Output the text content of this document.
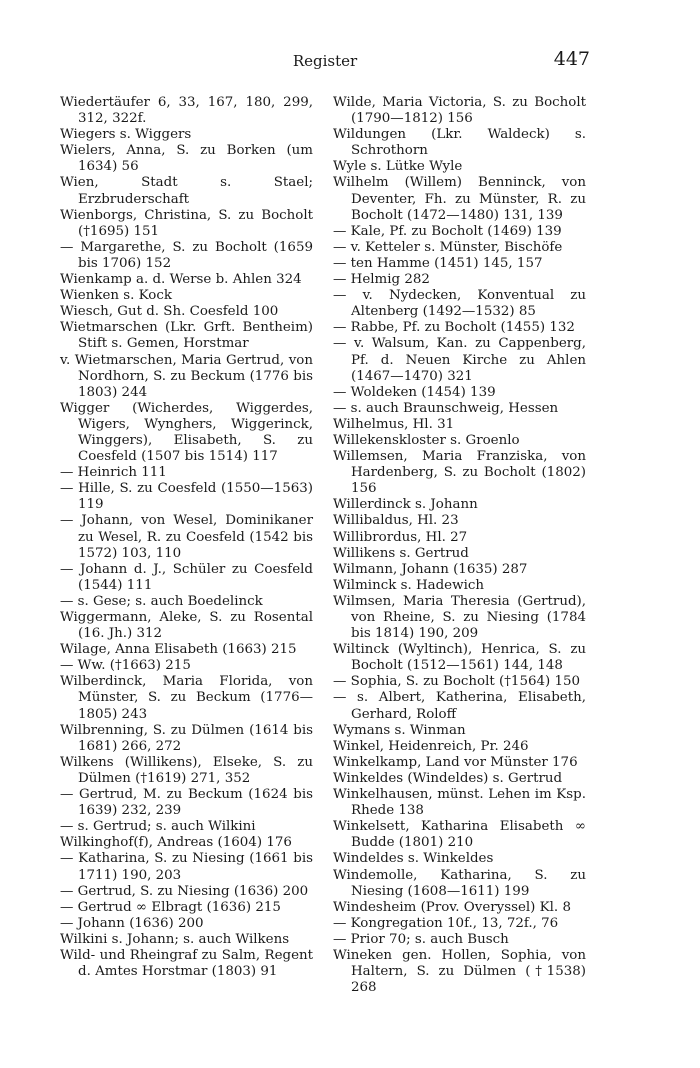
Register	447
Wiedertäufer 6, 33, 167, 180, 299, 312, 322f.
Wiegers s. Wiggers
Wielers, Anna, S. zu Borken (um 1634) 56
Wien, Stadt s. Stael; Erzbruderschaft
Wienborgs, Christina, S. zu Bocholt (†1695) 151
— Margarethe, S. zu Bocholt (1659 bis 1706) 152
Wienkamp a. d. Werse b. Ahlen 324
Wienken s. Kock
Wiesch, Gut d. Sh. Coesfeld 100
Wietmarschen (Lkr. Grft. Bentheim) Stift s. Gemen, Horstmar
v. Wietmarschen, Maria Gertrud, von Nordhorn, S. zu Beckum (1776 bis 1803) 244
Wigger (Wicherdes, Wiggerdes, Wigers, Wynghers, Wiggerinck, Winggers), Elisabeth, S. zu Coesfeld (1507 bis 1514) 117
— Heinrich 111
— Hille, S. zu Coesfeld (1550—1563) 119
— Johann, von Wesel, Dominikaner zu Wesel, R. zu Coesfeld (1542 bis 1572) 103, 110
— Johann d. J., Schüler zu Coesfeld (1544) 111
— s. Gese; s. auch Boedelinck
Wiggermann, Aleke, S. zu Rosental (16. Jh.) 312
Wilage, Anna Elisabeth (1663) 215
— Ww. (†1663) 215
Wilberdinck, Maria Florida, von Münster, S. zu Beckum (1776—1805) 243
Wilbrenning, S. zu Dülmen (1614 bis 1681) 266, 272
Wilkens (Willikens), Elseke, S. zu Dülmen (†1619) 271, 352
— Gertrud, M. zu Beckum (1624 bis 1639) 232, 239
— s. Gertrud; s. auch Wilkini
Wilkinghof(f), Andreas (1604) 176
— Katharina, S. zu Niesing (1661 bis 1711) 190, 203
— Gertrud, S. zu Niesing (1636) 200
— Gertrud ∞ Elbragt (1636) 215
— Johann (1636) 200
Wilkini s. Johann; s. auch Wilkens
Wild- und Rheingraf zu Salm, Regent d. Amtes Horstmar (1803) 91
Wilde, Maria Victoria, S. zu Bocholt (1790—1812) 156
Wildungen (Lkr. Waldeck) s. Schrothorn
Wyle s. Lütke Wyle
Wilhelm (Willem) Benninck, von Deventer, Fh. zu Münster, R. zu Bocholt (1472—1480) 131, 139
— Kale, Pf. zu Bocholt (1469) 139
— v. Ketteler s. Münster, Bischöfe
— ten Hamme (1451) 145, 157
— Helmig 282
— v. Nydecken, Konventual zu Altenberg (1492—1532) 85
— Rabbe, Pf. zu Bocholt (1455) 132
— v. Walsum, Kan. zu Cappenberg, Pf. d. Neuen Kirche zu Ahlen (1467—1470) 321
— Woldeken (1454) 139
— s. auch Braunschweig, Hessen
Wilhelmus, Hl. 31
Willekenskloster s. Groenlo
Willemsen, Maria Franziska, von Hardenberg, S. zu Bocholt (1802) 156
Willerdinck s. Johann
Willibaldus, Hl. 23
Willibrordus, Hl. 27
Willikens s. Gertrud
Wilmann, Johann (1635) 287
Wilminck s. Hadewich
Wilmsen, Maria Theresia (Gertrud), von Rheine, S. zu Niesing (1784 bis 1814) 190, 209
Wiltinck (Wyltinch), Henrica, S. zu Bocholt (1512—1561) 144, 148
— Sophia, S. zu Bocholt (†1564) 150
— s. Albert, Katherina, Elisabeth, Gerhard, Roloff
Wymans s. Winman
Winkel, Heidenreich, Pr. 246
Winkelkamp, Land vor Münster 176
Winkeldes (Windeldes) s. Gertrud
Winkelhausen, münst. Lehen im Ksp. Rhede 138
Winkelsett, Katharina Elisabeth ∞ Budde (1801) 210
Windeldes s. Winkeldes
Windemolle, Katharina, S. zu Niesing (1608—1611) 199
Windesheim (Prov. Overyssel) Kl. 8
— Kongregation 10f., 13, 72f., 76
— Prior 70; s. auch Busch
Wineken gen. Hollen, Sophia, von Haltern, S. zu Dülmen (†1538) 268
